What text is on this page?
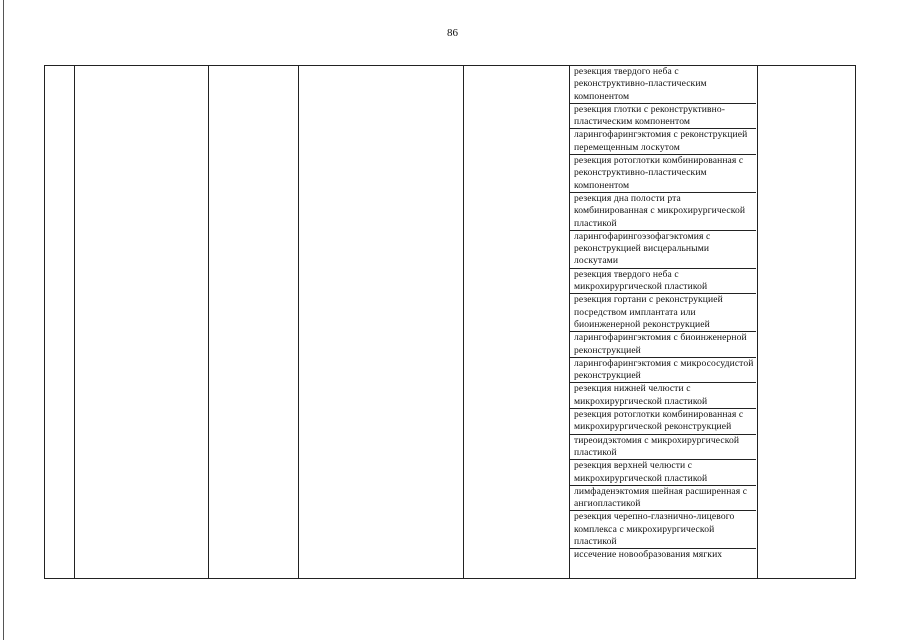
86
резекция твердого неба с реконструктивно-пластическим компонентом
резекция глотки с реконструктивно-пластическим компонентом
ларингофарингэктомия с реконструкцией перемещенным лоскутом
резекция ротоглотки комбинированная с реконструктивно-пластическим компонентом
резекция дна полости рта комбинированная с микрохирургической пластикой
ларингофарингоэзофагэктомия с реконструкцией висцеральными лоскутами
резекция твердого неба с микрохирургической пластикой
резекция гортани с реконструкцией посредством имплантата или биоинженерной реконструкцией
ларингофарингэктомия с биоинженерной реконструкцией
ларингофарингэктомия с микрососудистой реконструкцией
резекция нижней челюсти с микрохирургической пластикой
резекция ротоглотки комбинированная с микрохирургической реконструкцией
тиреоидэктомия с микрохирургической пластикой
резекция верхней челюсти с микрохирургической пластикой
лимфаденэктомия шейная расширенная с ангиопластикой
резекция черепно-глазнично-лицевого комплекса с микрохирургической пластикой
иссечение новообразования мягких
